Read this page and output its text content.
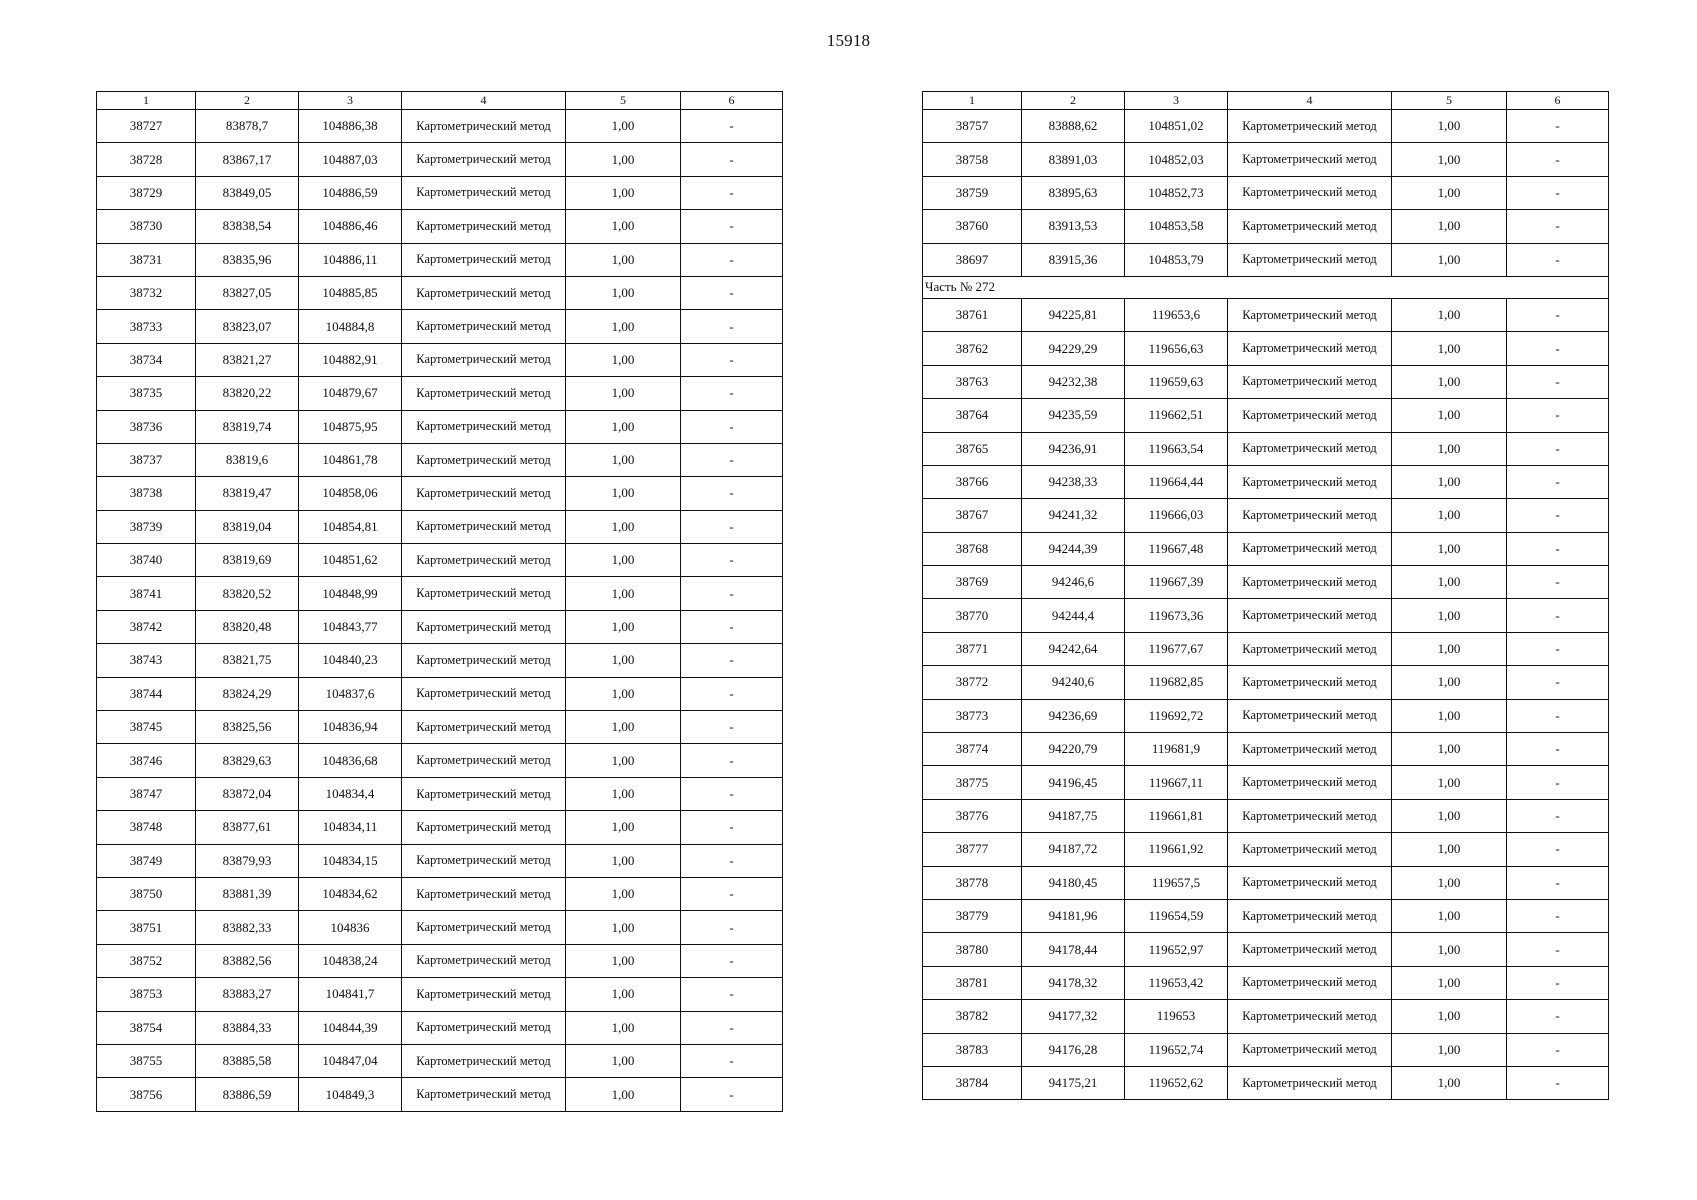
15918
1	2	3	4	5	6
38727	83878,7	104886,38	Картометрический метод	1,00	-
38728	83867,17	104887,03	Картометрический метод	1,00	-
38729	83849,05	104886,59	Картометрический метод	1,00	-
38730	83838,54	104886,46	Картометрический метод	1,00	-
38731	83835,96	104886,11	Картометрический метод	1,00	-
38732	83827,05	104885,85	Картометрический метод	1,00	-
38733	83823,07	104884,8	Картометрический метод	1,00	-
38734	83821,27	104882,91	Картометрический метод	1,00	-
38735	83820,22	104879,67	Картометрический метод	1,00	-
38736	83819,74	104875,95	Картометрический метод	1,00	-
38737	83819,6	104861,78	Картометрический метод	1,00	-
38738	83819,47	104858,06	Картометрический метод	1,00	-
38739	83819,04	104854,81	Картометрический метод	1,00	-
38740	83819,69	104851,62	Картометрический метод	1,00	-
38741	83820,52	104848,99	Картометрический метод	1,00	-
38742	83820,48	104843,77	Картометрический метод	1,00	-
38743	83821,75	104840,23	Картометрический метод	1,00	-
38744	83824,29	104837,6	Картометрический метод	1,00	-
38745	83825,56	104836,94	Картометрический метод	1,00	-
38746	83829,63	104836,68	Картометрический метод	1,00	-
38747	83872,04	104834,4	Картометрический метод	1,00	-
38748	83877,61	104834,11	Картометрический метод	1,00	-
38749	83879,93	104834,15	Картометрический метод	1,00	-
38750	83881,39	104834,62	Картометрический метод	1,00	-
38751	83882,33	104836	Картометрический метод	1,00	-
38752	83882,56	104838,24	Картометрический метод	1,00	-
38753	83883,27	104841,7	Картометрический метод	1,00	-
38754	83884,33	104844,39	Картометрический метод	1,00	-
38755	83885,58	104847,04	Картометрический метод	1,00	-
38756	83886,59	104849,3	Картометрический метод	1,00	-
1	2	3	4	5	6
38757	83888,62	104851,02	Картометрический метод	1,00	-
38758	83891,03	104852,03	Картометрический метод	1,00	-
38759	83895,63	104852,73	Картометрический метод	1,00	-
38760	83913,53	104853,58	Картометрический метод	1,00	-
38697	83915,36	104853,79	Картометрический метод	1,00	-
Часть № 272					
38761	94225,81	119653,6	Картометрический метод	1,00	-
38762	94229,29	119656,63	Картометрический метод	1,00	-
38763	94232,38	119659,63	Картометрический метод	1,00	-
38764	94235,59	119662,51	Картометрический метод	1,00	-
38765	94236,91	119663,54	Картометрический метод	1,00	-
38766	94238,33	119664,44	Картометрический метод	1,00	-
38767	94241,32	119666,03	Картометрический метод	1,00	-
38768	94244,39	119667,48	Картометрический метод	1,00	-
38769	94246,6	119667,39	Картометрический метод	1,00	-
38770	94244,4	119673,36	Картометрический метод	1,00	-
38771	94242,64	119677,67	Картометрический метод	1,00	-
38772	94240,6	119682,85	Картометрический метод	1,00	-
38773	94236,69	119692,72	Картометрический метод	1,00	-
38774	94220,79	119681,9	Картометрический метод	1,00	-
38775	94196,45	119667,11	Картометрический метод	1,00	-
38776	94187,75	119661,81	Картометрический метод	1,00	-
38777	94187,72	119661,92	Картометрический метод	1,00	-
38778	94180,45	119657,5	Картометрический метод	1,00	-
38779	94181,96	119654,59	Картометрический метод	1,00	-
38780	94178,44	119652,97	Картометрический метод	1,00	-
38781	94178,32	119653,42	Картометрический метод	1,00	-
38782	94177,32	119653	Картометрический метод	1,00	-
38783	94176,28	119652,74	Картометрический метод	1,00	-
38784	94175,21	119652,62	Картометрический метод	1,00	-
